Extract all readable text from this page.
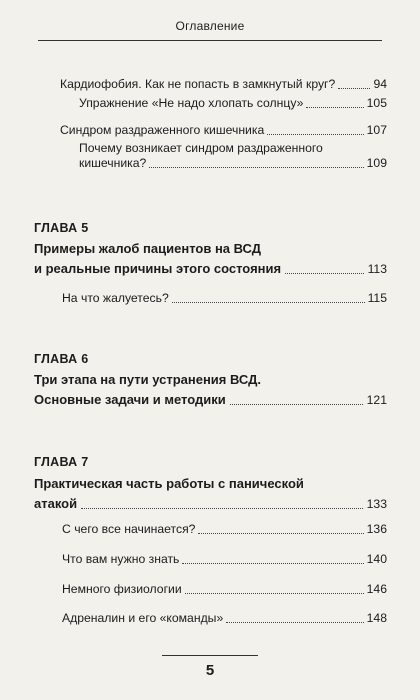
Оглавление
Кардиофобия. Как не попасть в замкнутый круг?	94
Упражнение «Не надо хлопать солнцу»	105
Синдром раздраженного кишечника	107
Почему возникает синдром раздраженного
кишечника?	109
ГЛАВА 5
Примеры жалоб пациентов на ВСД
и реальные причины этого состояния	113
На что жалуетесь?	115
ГЛАВА 6
Три этапа на пути устранения ВСД.
Основные задачи и методики	121
ГЛАВА 7
Практическая часть работы с панической
атакой	133
С чего все начинается?	136
Что вам нужно знать	140
Немного физиологии	146
Адреналин и его «команды»	148
5
